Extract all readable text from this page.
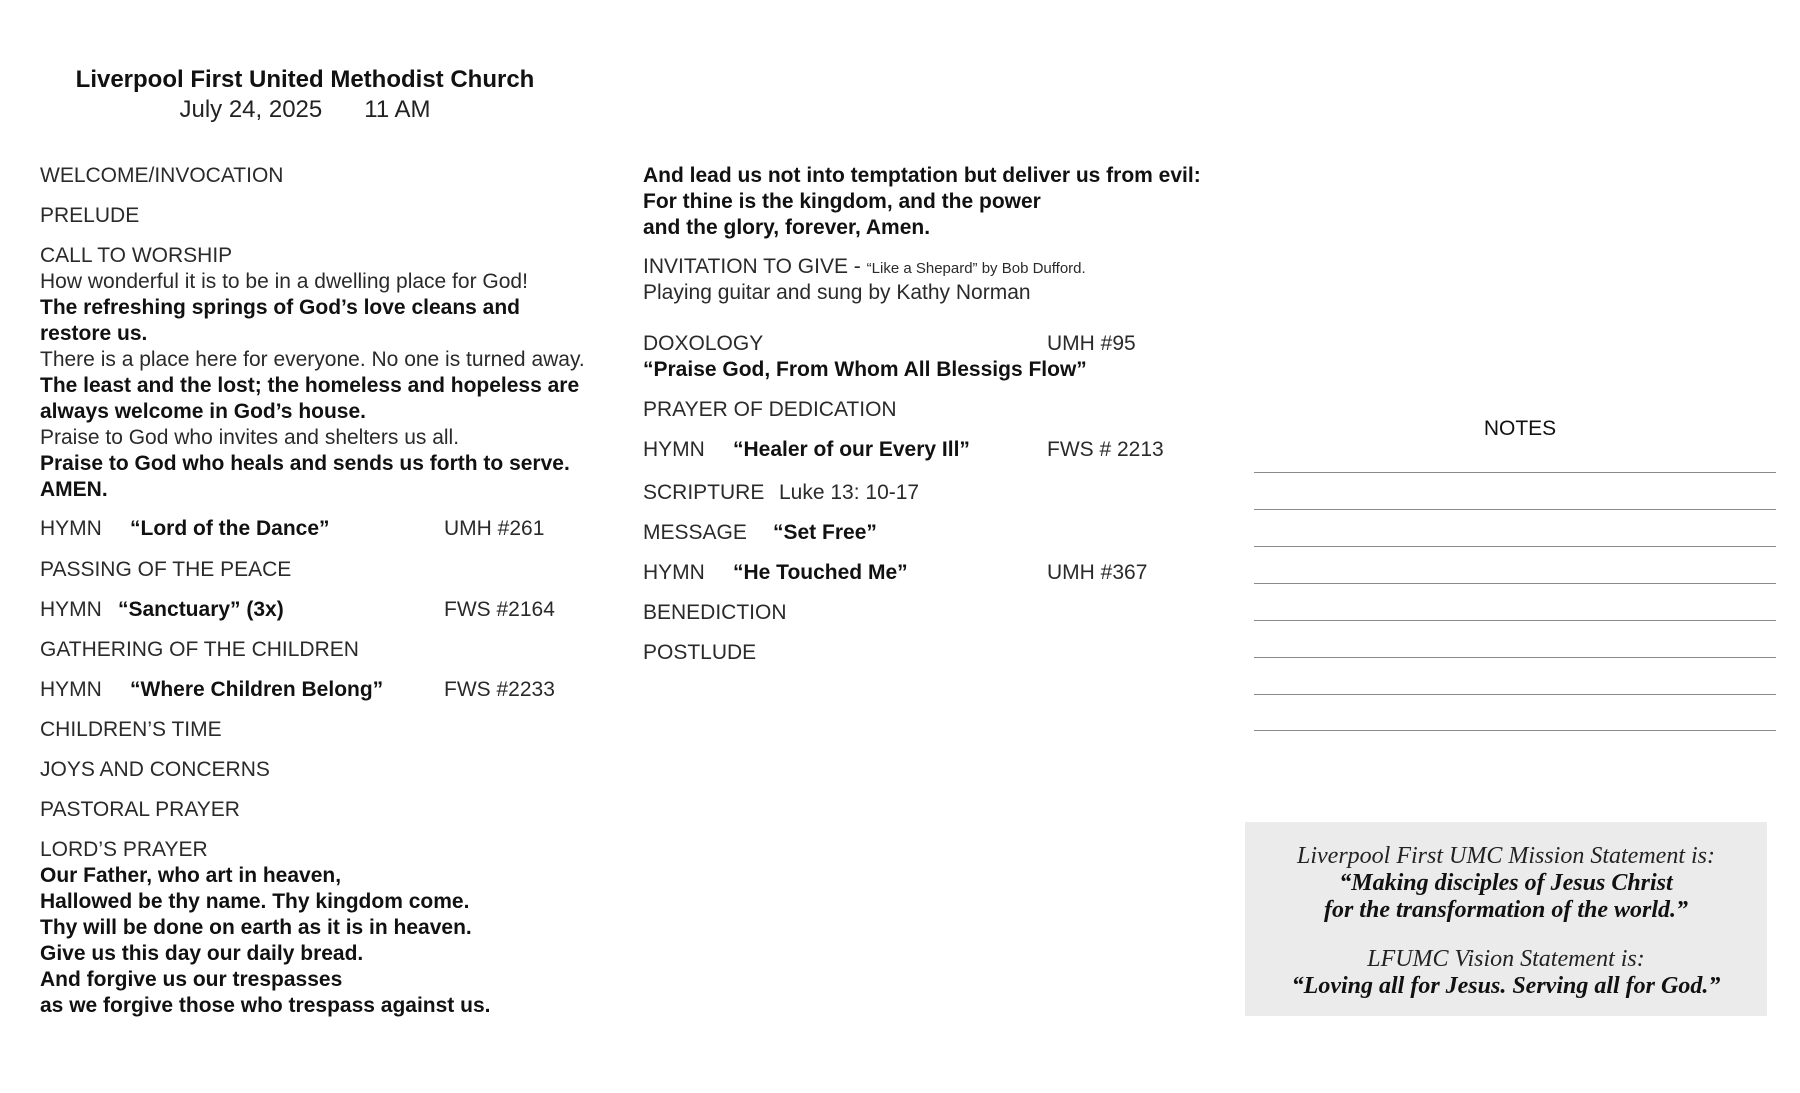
Liverpool First United Methodist Church
July 24, 2025 11 AM
WELCOME/INVOCATION
PRELUDE
CALL TO WORSHIP
How wonderful it is to be in a dwelling place for God!
The refreshing springs of God’s love cleans and
restore us.
There is a place here for everyone. No one is turned away.
The least and the lost; the homeless and hopeless are
always welcome in God’s house.
Praise to God who invites and shelters us all.
Praise to God who heals and sends us forth to serve.
AMEN.
HYMN “Lord of the Dance”	UMH #261
PASSING OF THE PEACE
HYMN “Sanctuary” (3x)	FWS #2164
GATHERING OF THE CHILDREN
HYMN “Where Children Belong”	FWS #2233
CHILDREN’S TIME
JOYS AND CONCERNS
PASTORAL PRAYER
LORD’S PRAYER
Our Father, who art in heaven,
Hallowed be thy name. Thy kingdom come.
Thy will be done on earth as it is in heaven.
Give us this day our daily bread.
And forgive us our trespasses
as we forgive those who trespass against us.
And lead us not into temptation but deliver us from evil:
For thine is the kingdom, and the power
and the glory, forever, Amen.
INVITATION TO GIVE - “Like a Shepard” by Bob Dufford.
Playing guitar and sung by Kathy Norman
DOXOLOGY	UMH #95
“Praise God, From Whom All Blessigs Flow”
PRAYER OF DEDICATION
HYMN “Healer of our Every Ill”	FWS # 2213
SCRIPTURE Luke 13: 10-17
MESSAGE “Set Free”
HYMN “He Touched Me”	UMH #367
BENEDICTION
POSTLUDE
NOTES
Liverpool First UMC Mission Statement is:
“Making disciples of Jesus Christ
for the transformation of the world.”
LFUMC Vision Statement is:
“Loving all for Jesus. Serving all for God.”
